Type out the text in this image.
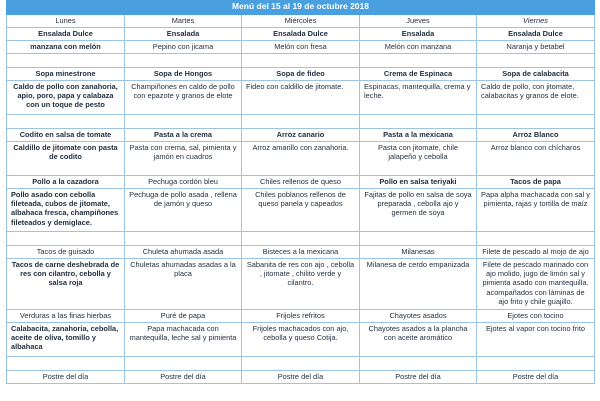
Menú del 15 al 19 de octubre 2018				
Lunes	Martes	Miércoles	Jueves	Viernes
Ensalada Dulce	Ensalada	Ensalada Dulce	Ensalada	Ensalada Dulce
manzana con melón	Pepino con jicama	Melón con fresa	Melón con manzana	Naranja y betabel

Sopa minestrone	Sopa de Hongos	Sopa de fideo	Crema de Espinaca	Sopa de calabacita
Caldo de pollo con zanahoria, apio, poro, papa y calabaza con un toque de pesto	Champiñones en caldo de pollo con epazote y granos de elote	Fideo con caldillo de jitomate.	Espinacas, mantequilla, crema y leche.	Caldo de pollo, con jitomate, calabacitas y granos de elote.

Codito en salsa de tomate	Pasta a la crema	Arroz canario	Pasta a la mexicana	Arroz Blanco
Caldillo de jitomate con pasta de codito	Pasta con crema, sal, pimienta y jamón en cuadros	Arroz amarillo con zanahoria.	Pasta con jitomate, chile jalapeño y cebolla	Arroz blanco con chícharos
Pollo a la cazadora	Pechuga cordón bleu	Chiles rellenos de queso	Pollo en salsa teriyaki	Tacos de papa
Pollo asado con cebolla fileteada, cubos de jitomate, albahaca fresca, champiñones fileteados y demiglace.	Pechuga de pollo asada , rellena de jamón y queso	Chiles poblanos rellenos de queso panela y capeados	Fajitas de pollo en salsa de soya preparada , cebolla ajo y germen de soya	Papa alpha machacada con sal y pimienta, rajas y tortilla de maíz

Tacos de guisado	Chuleta ahumada asada	Bisteces a la mexicana	Milanesas	Filete de pescado al mojo de ajo
Tacos de carne deshebrada de res con cilantro, cebolla y salsa roja	Chuletas ahumadas asadas a la placa	Sabanita de res con ajo , cebolla , jitomate , chilito verde y cilantro.	Milanesa de cerdo empanizada	Filete de pescado marinado con ajo molido, jugo de limón sal y pimienta asado con mantequilla. acompañados con láminas de ajo frito y chile guajillo.
Verduras a las finas hierbas	Puré de papa	Frijoles refritos	Chayotes asados	Ejotes con tocino
Calabacita, zanahoria, cebolla, aceite de oliva, tomillo y albahaca	Papa machacada con mantequilla, leche sal y pimienta	Frijoles machacados con ajo, cebolla y queso Cotija.	Chayotes asados a la plancha con aceite aromático	Ejotes al vapor con tocino frito

Postre del día	Postre del día	Postre del día	Postre del día	Postre del día
